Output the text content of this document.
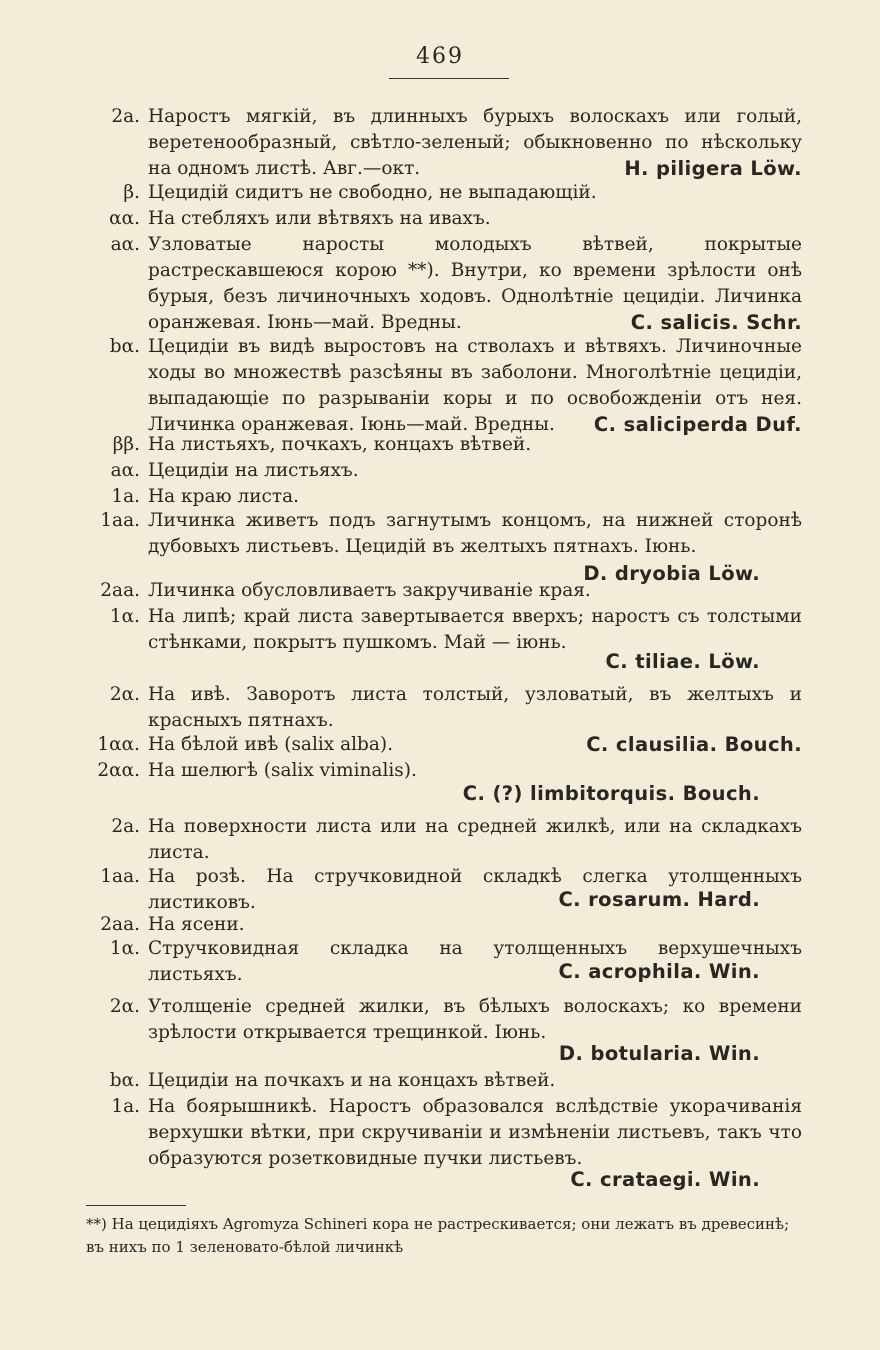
469
2a. Наростъ мягкій, въ длинныхъ бурыхъ волоскахъ или голый, веретенообразный, свѣтло-зеленый; обыкновенно по нѣскольку на одномъ листѣ. Авг.—окт.	H. piligera Löw.
β. Цецидій сидитъ не свободно, не выпадающій.
αα. На стебляхъ или вѣтвяхъ на ивахъ.
aα. Узловатые наросты молодыхъ вѣтвей, покрытые растрескавшеюся корою **). Внутри, ко времени зрѣлости онѣ бурыя, безъ личиночныхъ ходовъ. Однолѣтніе цецидіи. Личинка оранжевая. Іюнь—май. Вредны.	C. salicis. Schr.
bα. Цецидіи въ видѣ выростовъ на стволахъ и вѣтвяхъ. Личиночные ходы во множествѣ разсѣяны въ заболони. Многолѣтніе цецидіи, выпадающіе по разрываніи коры и по освобожденіи отъ нея. Личинка оранжевая. Іюнь—май. Вредны. C. saliciperda Duf.
ββ. На листьяхъ, почкахъ, концахъ вѣтвей.
aα. Цецидіи на листьяхъ.
1a. На краю листа.
1aa. Личинка живетъ подъ загнутымъ концомъ, на нижней сторонѣ дубовыхъ листьевъ. Цецидій въ желтыхъ пятнахъ. Іюнь.
D. dryobia Löw.
2aa. Личинка обусловливаетъ закручиваніе края.
1α. На липѣ; край листа завертывается вверхъ; наростъ съ толстыми стѣнками, покрытъ пушкомъ. Май — іюнь.
C. tiliae. Löw.
2α. На ивѣ. Заворотъ листа толстый, узловатый, въ желтыхъ и красныхъ пятнахъ.
1αα. На бѣлой ивѣ (salix alba).	C. clausilia. Bouch.
2αα. На шелюгѣ (salix viminalis).
C. (?) limbitorquis. Bouch.
2a. На поверхности листа или на средней жилкѣ, или на складкахъ листа.
1aa. На розѣ. На стручковидной складкѣ слегка утолщенныхъ листиковъ.	C. rosarum. Hard.
2aa. На ясени.
1α. Стручковидная складка на утолщенныхъ верхушечныхъ листьяхъ.	C. acrophila. Win.
2α. Утолщеніе средней жилки, въ бѣлыхъ волоскахъ; ко времени зрѣлости открывается трещинкой. Іюнь.
D. botularia. Win.
bα. Цецидіи на почкахъ и на концахъ вѣтвей.
1a. На боярышникѣ. Наростъ образовался вслѣдствіе укорачиванія верхушки вѣтки, при скручиваніи и измѣненіи листьевъ, такъ что образуются розетковидные пучки листьевъ.
C. crataegi. Win.
**) На цецидіяхъ Agromyza Schineri кора не растрескивается; они лежатъ въ древесинѣ; въ нихъ по 1 зеленовато-бѣлой личинкѣ
